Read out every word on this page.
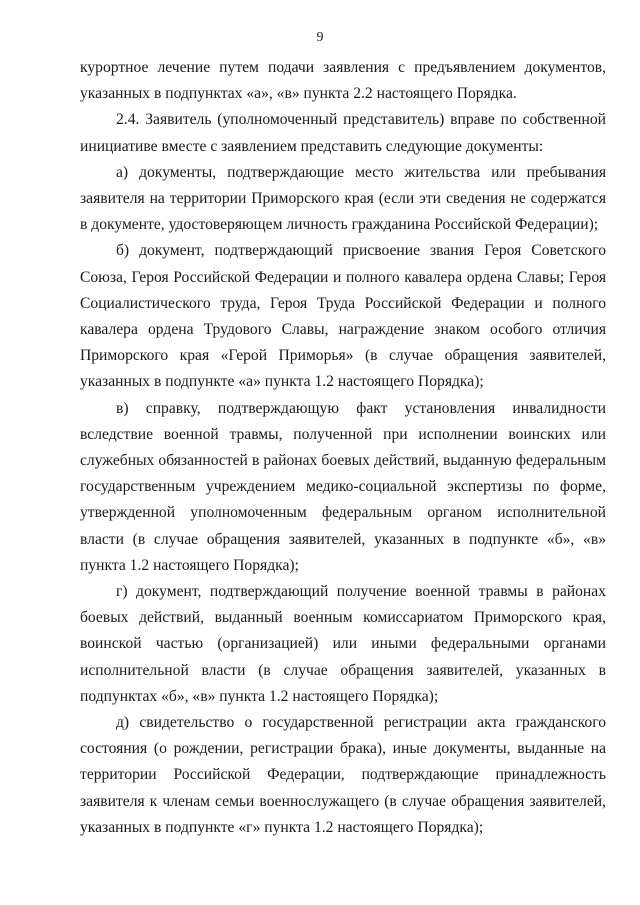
9

курортное лечение путем подачи заявления с предъявлением документов, указанных в подпунктах «а», «в» пункта 2.2 настоящего Порядка.

2.4. Заявитель (уполномоченный представитель) вправе по собственной инициативе вместе с заявлением представить следующие документы:

а) документы, подтверждающие место жительства или пребывания заявителя на территории Приморского края (если эти сведения не содержатся в документе, удостоверяющем личность гражданина Российской Федерации);

б) документ, подтверждающий присвоение звания Героя Советского Союза, Героя Российской Федерации и полного кавалера ордена Славы; Героя Социалистического труда, Героя Труда Российской Федерации и полного кавалера ордена Трудового Славы, награждение знаком особого отличия Приморского края «Герой Приморья» (в случае обращения заявителей, указанных в подпункте «а» пункта 1.2 настоящего Порядка);

в) справку, подтверждающую факт установления инвалидности вследствие военной травмы, полученной при исполнении воинских или служебных обязанностей в районах боевых действий, выданную федеральным государственным учреждением медико-социальной экспертизы по форме, утвержденной уполномоченным федеральным органом исполнительной власти (в случае обращения заявителей, указанных в подпункте «б», «в» пункта 1.2 настоящего Порядка);

г) документ, подтверждающий получение военной травмы в районах боевых действий, выданный военным комиссариатом Приморского края, воинской частью (организацией) или иными федеральными органами исполнительной власти (в случае обращения заявителей, указанных в подпунктах «б», «в» пункта 1.2 настоящего Порядка);

д) свидетельство о государственной регистрации акта гражданского состояния (о рождении, регистрации брака), иные документы, выданные на территории Российской Федерации, подтверждающие принадлежность заявителя к членам семьи военнослужащего (в случае обращения заявителей, указанных в подпункте «г» пункта 1.2 настоящего Порядка);
